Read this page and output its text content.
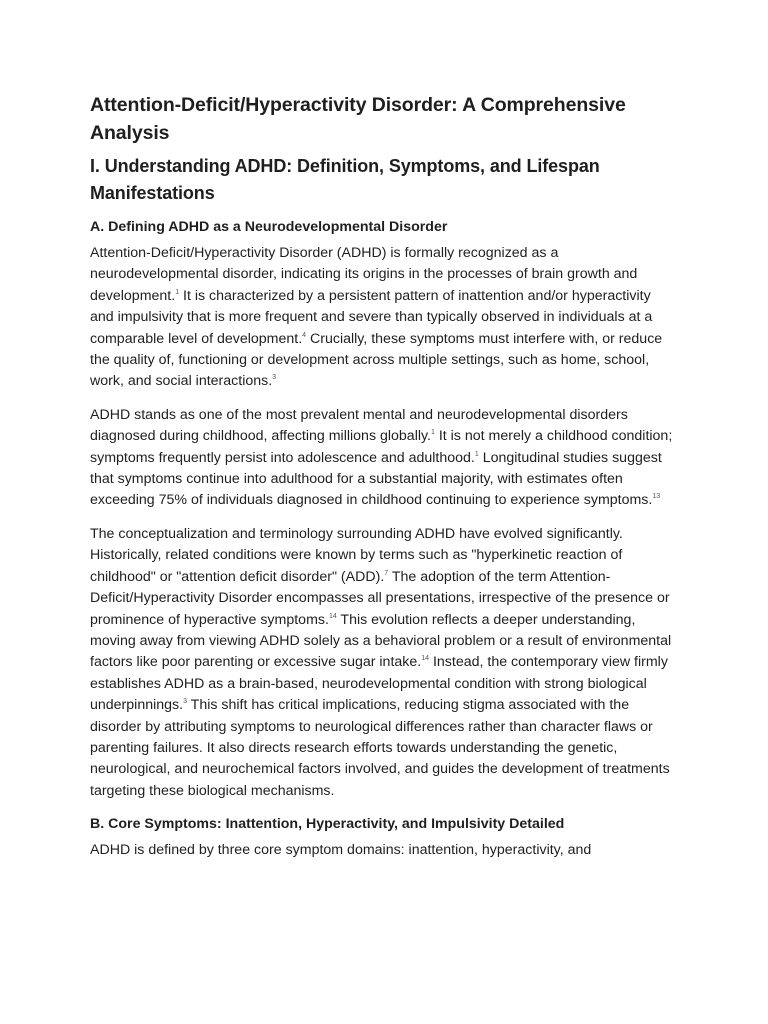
Attention-Deficit/Hyperactivity Disorder: A Comprehensive Analysis
I. Understanding ADHD: Definition, Symptoms, and Lifespan Manifestations
A. Defining ADHD as a Neurodevelopmental Disorder

Attention-Deficit/Hyperactivity Disorder (ADHD) is formally recognized as a neurodevelopmental disorder, indicating its origins in the processes of brain growth and development.$^1$ It is characterized by a persistent pattern of inattention and/or hyperactivity and impulsivity that is more frequent and severe than typically observed in individuals at a comparable level of development.$^4$ Crucially, these symptoms must interfere with, or reduce the quality of, functioning or development across multiple settings, such as home, school, work, and social interactions.$^3$

ADHD stands as one of the most prevalent mental and neurodevelopmental disorders diagnosed during childhood, affecting millions globally.$^1$ It is not merely a childhood condition; symptoms frequently persist into adolescence and adulthood.$^1$ Longitudinal studies suggest that symptoms continue into adulthood for a substantial majority, with estimates often exceeding 75% of individuals diagnosed in childhood continuing to experience symptoms.$^{13}$

The conceptualization and terminology surrounding ADHD have evolved significantly. Historically, related conditions were known by terms such as "hyperkinetic reaction of childhood" or "attention deficit disorder" (ADD).$^7$ The adoption of the term Attention-Deficit/Hyperactivity Disorder encompasses all presentations, irrespective of the presence or prominence of hyperactive symptoms.$^{14}$ This evolution reflects a deeper understanding, moving away from viewing ADHD solely as a behavioral problem or a result of environmental factors like poor parenting or excessive sugar intake.$^{14}$ Instead, the contemporary view firmly establishes ADHD as a brain-based, neurodevelopmental condition with strong biological underpinnings.$^3$ This shift has critical implications, reducing stigma associated with the disorder by attributing symptoms to neurological differences rather than character flaws or parenting failures. It also directs research efforts towards understanding the genetic, neurological, and neurochemical factors involved, and guides the development of treatments targeting these biological mechanisms.

B. Core Symptoms: Inattention, Hyperactivity, and Impulsivity Detailed

ADHD is defined by three core symptom domains: inattention, hyperactivity, and
